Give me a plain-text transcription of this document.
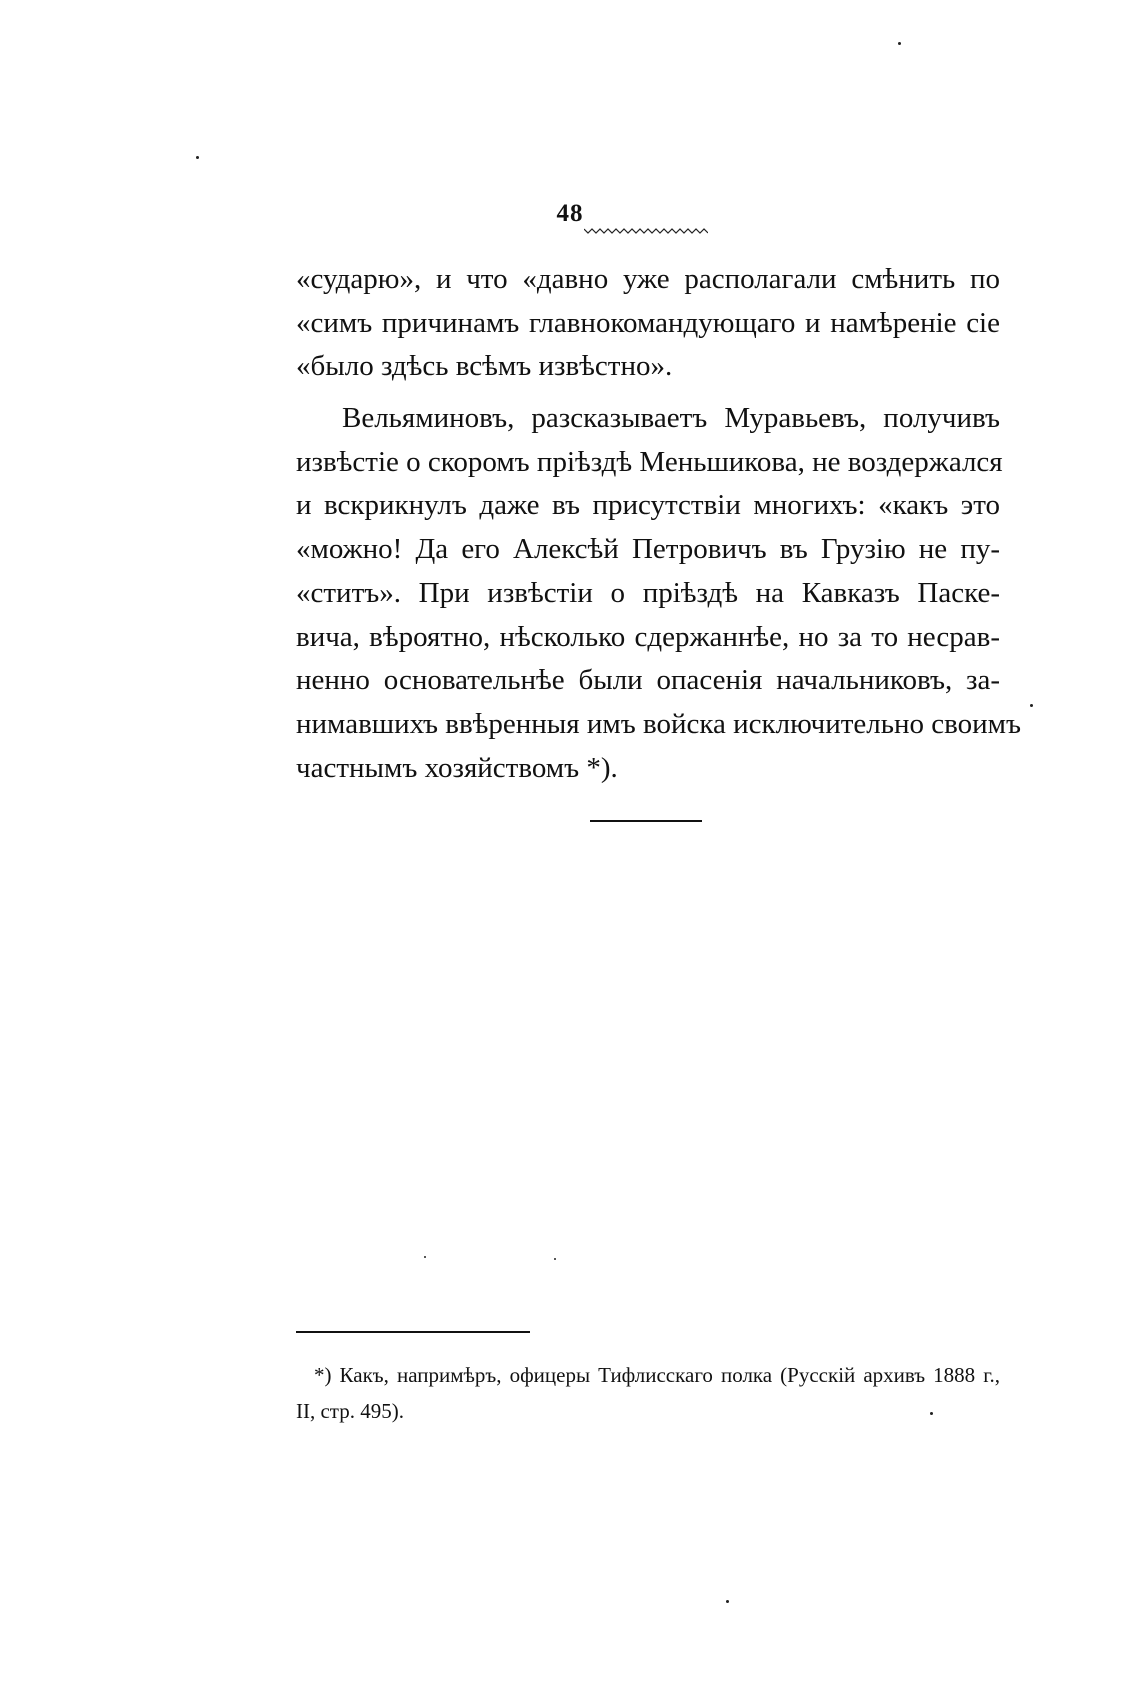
48
«сударю», и что «давно уже располагали смѣнить по
«симъ причинамъ главнокомандующаго и намѣреніе сіе
«было здѣсь всѣмъ извѣстно».
Вельяминовъ, разсказываетъ Муравьевъ, получивъ
извѣстіе о скоромъ пріѣздѣ Меньшикова, не воздержался
и вскрикнулъ даже въ присутствіи многихъ: «какъ это
«можно! Да его Алексѣй Петровичъ въ Грузію не пу-
«ститъ». При извѣстіи о пріѣздѣ на Кавказъ Паске-
вича, вѣроятно, нѣсколько сдержаннѣе, но за то несрав-
ненно основательнѣе были опасенія начальниковъ, за-
нимавшихъ ввѣренныя имъ войска исключительно своимъ
частнымъ хозяйствомъ *).
*) Какъ, напримѣръ, офицеры Тифлисскаго полка (Русскій архивъ 1888 г.,
II, стр. 495).
